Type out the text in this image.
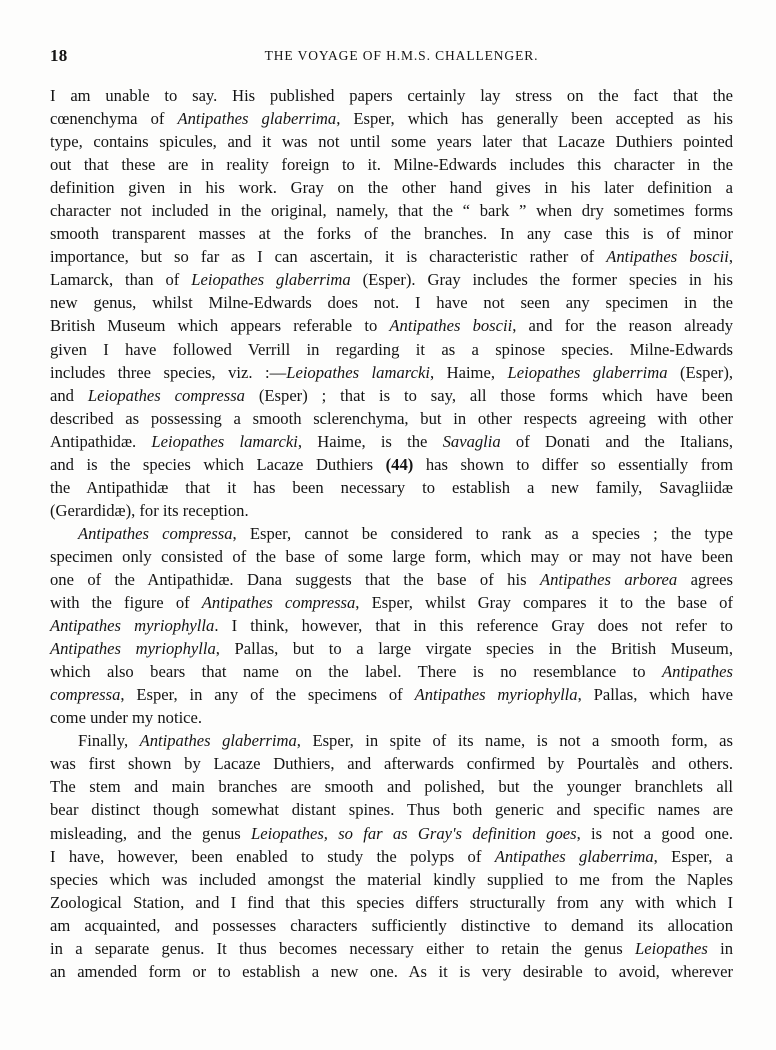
18	THE VOYAGE OF H.M.S. CHALLENGER.
I am unable to say. His published papers certainly lay stress on the fact that the
cœnenchyma of Antipathes glaberrima, Esper, which has generally been accepted as his
type, contains spicules, and it was not until some years later that Lacaze Duthiers pointed
out that these are in reality foreign to it. Milne-Edwards includes this character in the
definition given in his work. Gray on the other hand gives in his later definition a
character not included in the original, namely, that the “ bark ” when dry sometimes forms
smooth transparent masses at the forks of the branches. In any case this is of minor
importance, but so far as I can ascertain, it is characteristic rather of Antipathes boscii,
Lamarck, than of Leiopathes glaberrima (Esper). Gray includes the former species in his
new genus, whilst Milne-Edwards does not. I have not seen any specimen in the
British Museum which appears referable to Antipathes boscii, and for the reason already
given I have followed Verrill in regarding it as a spinose species. Milne-Edwards
includes three species, viz. :—Leiopathes lamarcki, Haime, Leiopathes glaberrima (Esper),
and Leiopathes compressa (Esper) ; that is to say, all those forms which have been
described as possessing a smooth sclerenchyma, but in other respects agreeing with other
Antipathidæ. Leiopathes lamarcki, Haime, is the Savaglia of Donati and the Italians,
and is the species which Lacaze Duthiers (44) has shown to differ so essentially from
the Antipathidæ that it has been necessary to establish a new family, Savagliidæ
(Gerardidæ), for its reception.
Antipathes compressa, Esper, cannot be considered to rank as a species ; the type
specimen only consisted of the base of some large form, which may or may not have been
one of the Antipathidæ. Dana suggests that the base of his Antipathes arborea agrees
with the figure of Antipathes compressa, Esper, whilst Gray compares it to the base of
Antipathes myriophylla. I think, however, that in this reference Gray does not refer to
Antipathes myriophylla, Pallas, but to a large virgate species in the British Museum,
which also bears that name on the label. There is no resemblance to Antipathes
compressa, Esper, in any of the specimens of Antipathes myriophylla, Pallas, which have
come under my notice.
Finally, Antipathes glaberrima, Esper, in spite of its name, is not a smooth form, as
was first shown by Lacaze Duthiers, and afterwards confirmed by Pourtalès and others.
The stem and main branches are smooth and polished, but the younger branchlets all
bear distinct though somewhat distant spines. Thus both generic and specific names are
misleading, and the genus Leiopathes, so far as Gray's definition goes, is not a good one.
I have, however, been enabled to study the polyps of Antipathes glaberrima, Esper, a
species which was included amongst the material kindly supplied to me from the Naples
Zoological Station, and I find that this species differs structurally from any with which I
am acquainted, and possesses characters sufficiently distinctive to demand its allocation
in a separate genus. It thus becomes necessary either to retain the genus Leiopathes in
an amended form or to establish a new one. As it is very desirable to avoid, wherever
